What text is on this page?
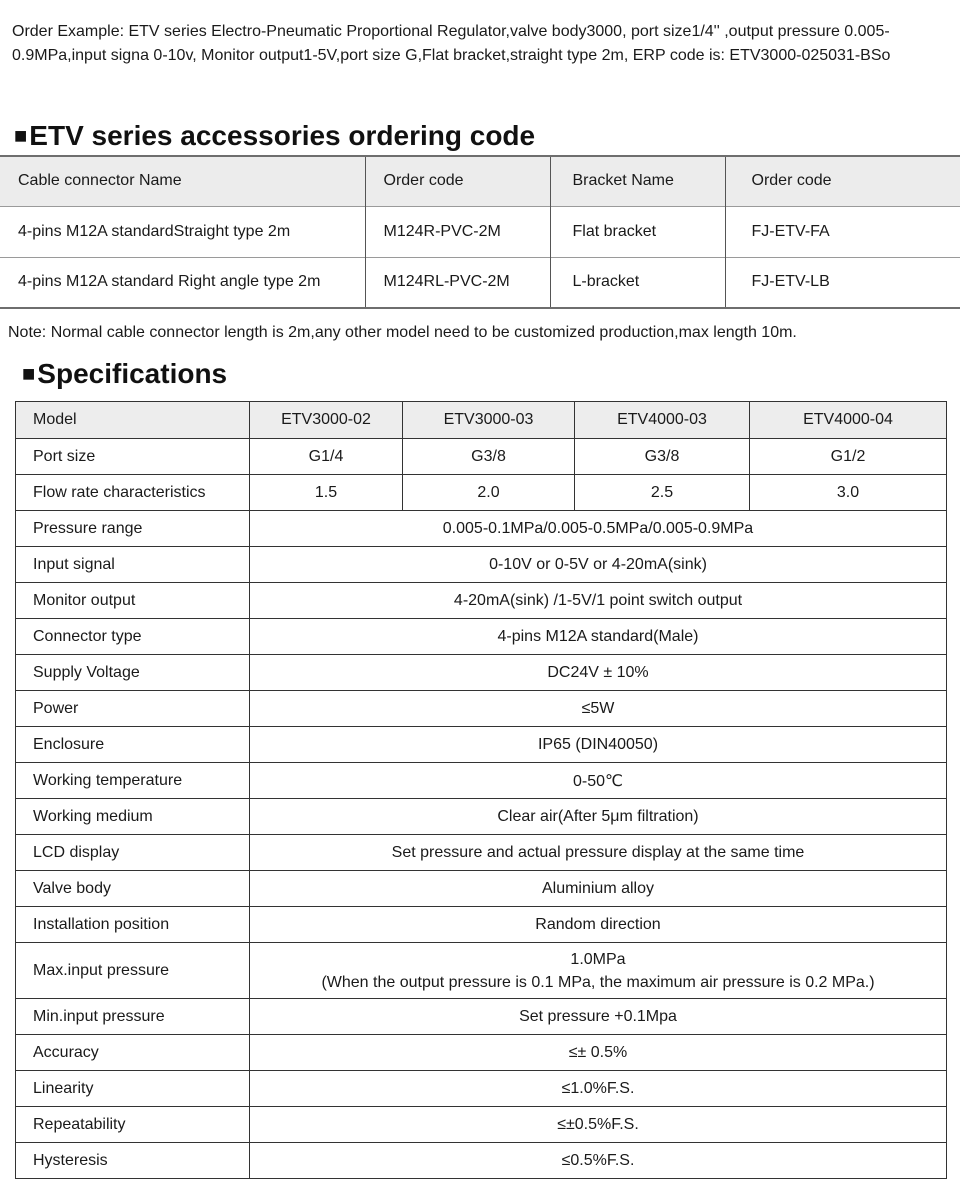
Order Example: ETV series Electro-Pneumatic Proportional Regulator,valve body3000, port size1/4'' ,output pressure 0.005-0.9MPa,input signa 0-10v, Monitor output1-5V,port size G,Flat bracket,straight type 2m, ERP code is: ETV3000-025031-BSo
■ETV series accessories ordering code
Cable connector Name	Order code	Bracket Name	Order code
4-pins M12A standardStraight type 2m	M124R-PVC-2M	Flat bracket	FJ-ETV-FA
4-pins M12A standard Right angle type 2m	M124RL-PVC-2M	L-bracket	FJ-ETV-LB
Note: Normal cable connector length is 2m,any other model need to be customized production,max length 10m.
■Specifications
Model	ETV3000-02	ETV3000-03	ETV4000-03	ETV4000-04
Port size	G1/4	G3/8	G3/8	G1/2
Flow rate characteristics	1.5	2.0	2.5	3.0
Pressure range	0.005-0.1MPa/0.005-0.5MPa/0.005-0.9MPa			
Input signal	0-10V or 0-5V or 4-20mA(sink)			
Monitor output	4-20mA(sink) /1-5V/1 point switch output			
Connector type	4-pins M12A standard(Male)			
Supply Voltage	DC24V ± 10%			
Power	≤5W			
Enclosure	IP65 (DIN40050)			
Working temperature	0-50℃			
Working medium	Clear air(After 5μm filtration)			
LCD display	Set pressure and actual pressure display at the same time			
Valve body	Aluminium alloy			
Installation position	Random direction			
Max.input pressure	1.0MPa
(When the output pressure is 0.1 MPa, the maximum air pressure is 0.2 MPa.)			

Min.input pressure	Set pressure +0.1Mpa			
Accuracy	≤± 0.5%			
Linearity	≤1.0%F.S.			
Repeatability	≤±0.5%F.S.			
Hysteresis	≤0.5%F.S.			
